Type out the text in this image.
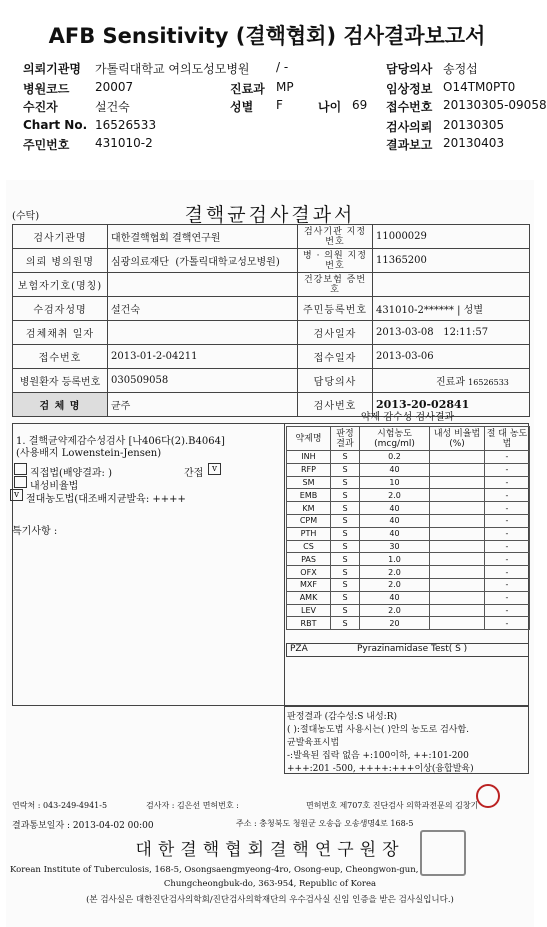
AFB Sensitivity (결핵협회) 검사결과보고서
의뢰기관명 가톨릭대학교 여의도성모병원 / -
병원코드 20007
수진자	설건숙
Chart No. 16526533
주민번호 431010-2
진료과 MP
성별 F	나이 69
담당의사 송정섭
임상정보 O14TM0PT0
접수번호 20130305-09058
검사의뢰 20130305
결과보고 20130403
(수탁)	결핵균검사결과서
검사기관명	대한결핵협회 결핵연구원	검사기관 지정번호	11000029
의뢰 병의원명	심광의료재단 (가톨릭대학교성모병원)	병 · 의원 지정번호	11365200
보험자기호(명칭)		건강보험 증번호	
수검자성명	설건숙	주민등록번호	431010-2****** | 성별
검체채취 일자		검사일자	2013-03-08 12:11:57
접수번호	2013-01-2-04211	접수일자	2013-03-06
병원환자 등록번호	030509058	담당의사	진료과 16526533
검 체 명	균주	검사번호	2013-20-02841
1. 결핵균약제감수성검사 [나406다(2).B4064]
(사용배지 Lowenstein-Jensen)
직접법(배양결과: )	간접 v
내성비율법
v 절대농도법(대조배지균발육: ++++
특기사항 :
약제 감수성 검사결과
약제명	판정 결과	시험농도 (mcg/ml)	내성 비율법(%)	절 대 농도법
INH	S	0.2		-
RFP	S	40		-
SM	S	10		-
EMB	S	2.0		-
KM	S	40		-
CPM	S	40		-
PTH	S	40		-
CS	S	30		-
PAS	S	1.0		-
OFX	S	2.0		-
MXF	S	2.0		-
AMK	S	40		-
LEV	S	2.0		-
RBT	S	20		-
PZA	Pyrazinamidase Test( S )
판정결과 (감수성:S 내성:R)
( ):절대농도법 사용시는( )안의 농도로 검사함.
균발육표시법
-:발육된 집락 없음 +:100이하, ++:101-200
+++:201 -500, ++++:+++이상(융합발육)
연락처 : 043-249-4941-5	검사자 : 김은선 면허번호 :	면허번호 제707호 진단검사 의학과전문의 김창기
결과통보일자 : 2013-04-02 00:00	주소 : 충청북도 청원군 오송읍 오송생명4로 168-5
대한결핵협회결핵연구원장
Korean Institute of Tuberculosis, 168-5, Osongsaengmyeong-4ro, Osong-eup, Cheongwon-gun,
Chungcheongbuk-do, 363-954, Republic of Korea
(본 검사실은 대한진단검사의학회/진단검사의학재단의 우수검사실 신임 인증을 받은 검사실입니다.)
